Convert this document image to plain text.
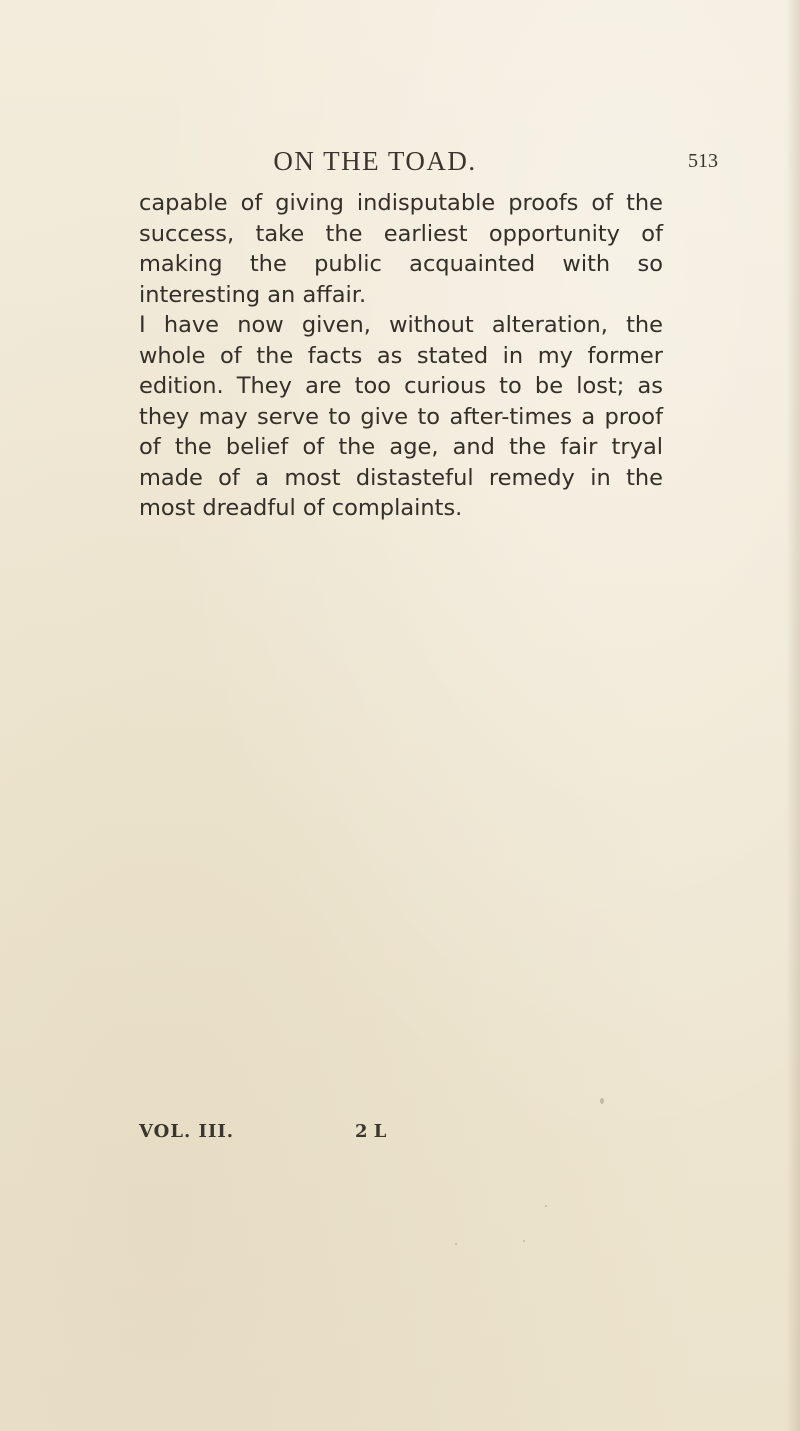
ON THE TOAD.	513

capable of giving indisputable proofs of the success, take the earliest opportunity of making the public acquainted with so interesting an affair.

I have now given, without alteration, the whole of the facts as stated in my former edition. They are too curious to be lost; as they may serve to give to after-times a proof of the belief of the age, and the fair tryal made of a most distasteful remedy in the most dreadful of complaints.

VOL. III.	2 L
